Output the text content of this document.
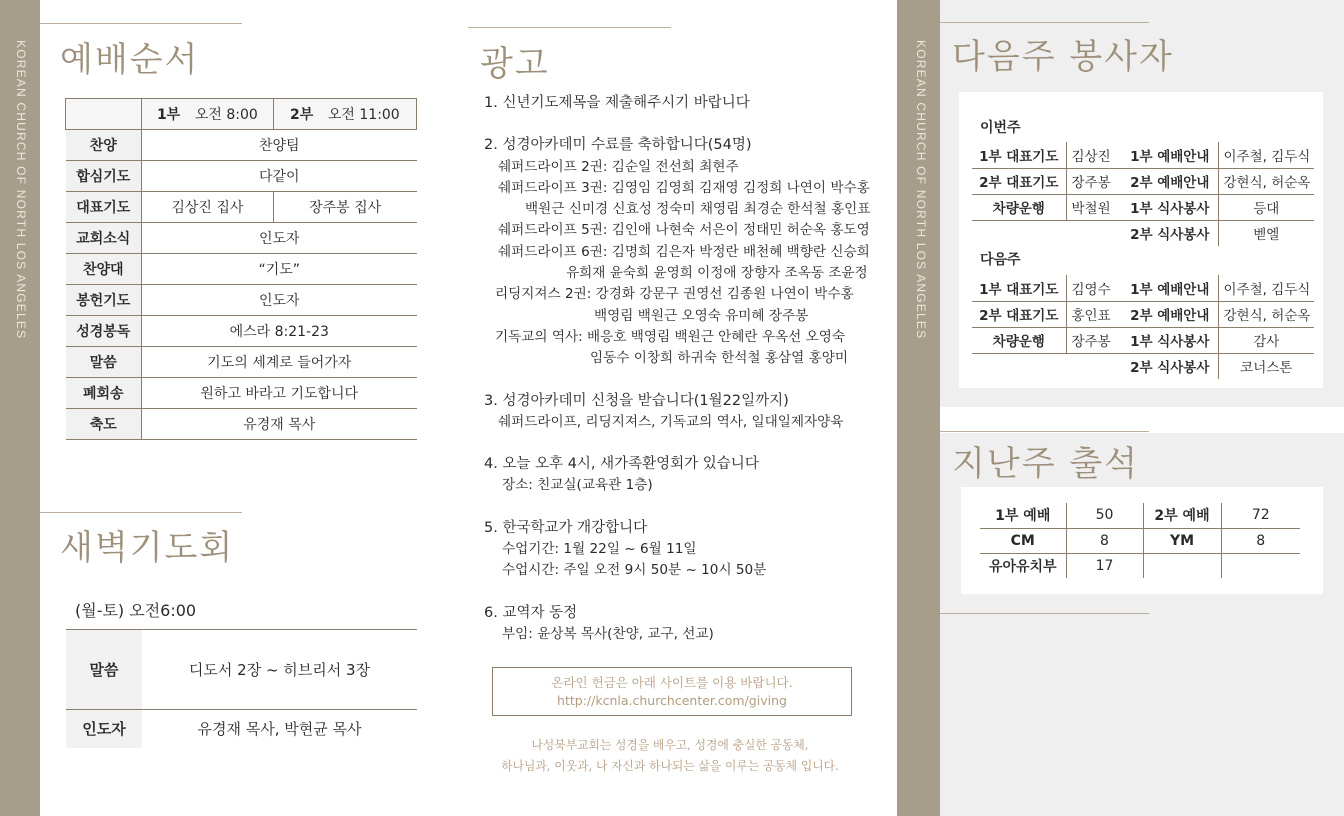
KOREAN CHURCH OF NORTH LOS ANGELES	KOREAN CHURCH OF NORTH LOS ANGELES
예배순서
	1부 오전 8:00	2부 오전 11:00
찬양	찬양팀	
합심기도	다같이	
대표기도	김상진 집사	장주봉 집사
교회소식	인도자	
찬양대	“기도”	
봉헌기도	인도자	
성경봉독	에스라 8:21-23	
말씀	기도의 세계로 들어가자	
폐회송	원하고 바라고 기도합니다	
축도	유경재 목사	
새벽기도회
(월-토) 오전6:00
말씀	디도서 2장 ~ 히브리서 3장
인도자	유경재 목사, 박현균 목사
광고
1. 신년기도제목을 제출해주시기 바랍니다
2. 성경아카데미 수료를 축하합니다(54명)
쉐퍼드라이프 2권: 김순일 전선희 최현주
쉐퍼드라이프 3권: 김영임 김영희 김재영 김정희 나연이 박수홍
백원근 신미경 신효성 정숙미 채영림 최경순 한석철 홍인표
쉐퍼드라이프 5권: 김인애 나현숙 서은이 정태민 허순옥 홍도영
쉐퍼드라이프 6권: 김명희 김은자 박정란 배천혜 백향란 신승희
유희재 윤숙희 윤영희 이정애 장향자 조옥동 조윤정
리딩지져스 2권: 강경화 강문구 권영선 김종원 나연이 박수홍
백영림 백원근 오영숙 유미혜 장주봉
기독교의 역사: 배응호 백영림 백원근 안혜란 우옥선 오영숙
임동수 이창희 하귀숙 한석철 홍삼열 홍양미
3. 성경아카데미 신청을 받습니다(1월22일까지)
쉐퍼드라이프, 리딩지져스, 기독교의 역사, 일대일제자양육
4. 오늘 오후 4시, 새가족환영회가 있습니다
장소: 친교실(교육관 1층)
5. 한국학교가 개강합니다
수업기간: 1월 22일 ~ 6월 11일
수업시간: 주일 오전 9시 50분 ~ 10시 50분
6. 교역자 동정
부임: 윤상복 목사(찬양, 교구, 선교)
온라인 헌금은 아래 사이트를 이용 바랍니다.
http://kcnla.churchcenter.com/giving
나성북부교회는 성경을 배우고, 성경에 충실한 공동체,
하나님과, 이웃과, 나 자신과 하나되는 삶을 이루는 공동체 입니다.
다음주 봉사자
이번주
1부 대표기도	김상진	1부 예배안내	이주철, 김두식
2부 대표기도	장주봉	2부 예배안내	강현식, 허순옥
차량운행	박철원	1부 식사봉사	등대
		2부 식사봉사	벧엘
다음주
1부 대표기도	김영수	1부 예배안내	이주철, 김두식
2부 대표기도	홍인표	2부 예배안내	강현식, 허순옥
차량운행	장주봉	1부 식사봉사	감사
		2부 식사봉사	코너스톤
지난주 출석
1부 예배	50	2부 예배	72
CM	8	YM	8
유아유치부	17		
